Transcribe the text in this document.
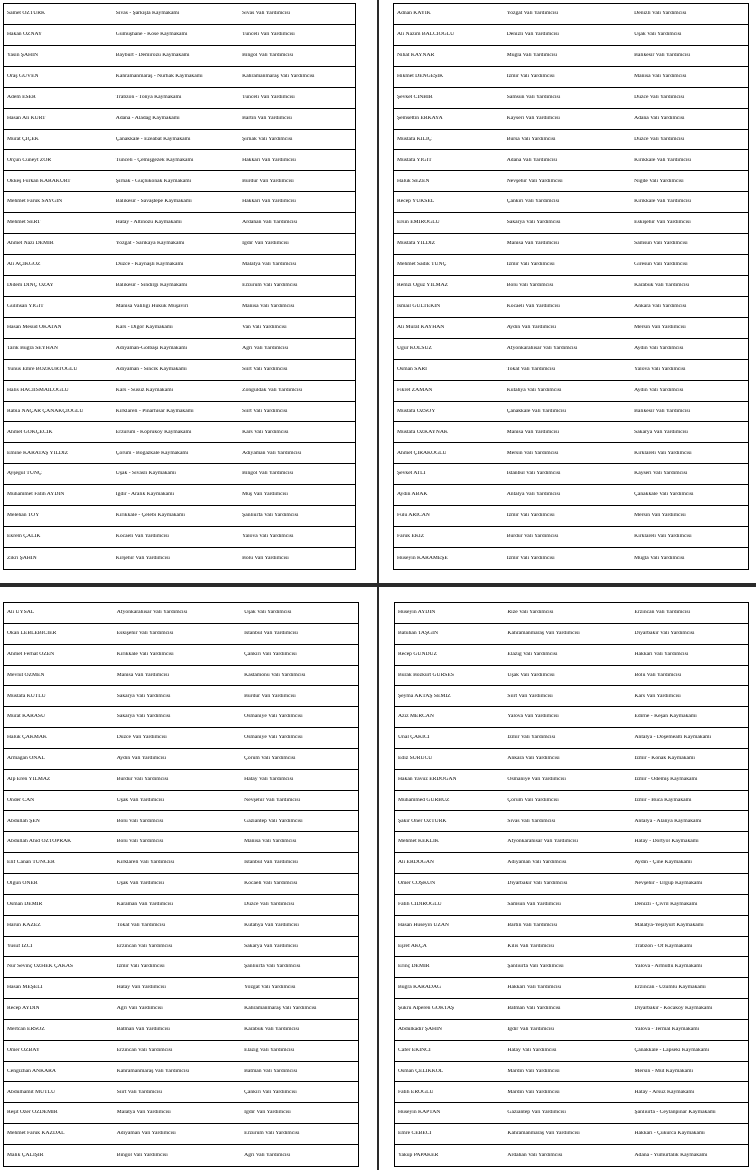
Samet ÖZTÜRK	Sivas - Şarkışla Kaymakamı	Sivas Vali Yardımcısı
Hakan ÖZNAY	Gümüşhane - Köse Kaymakamı	Tunceli Vali Yardımcısı
Yasin ŞAHİN	Bayburt - Demirözü Kaymakamı	Bingöl Vali Yardımcısı
Oraş GÜVEN	Kahramanmaraş - Nurhak Kaymakamı	Kahramanmaraş Vali Yardımcısı
Adem ESER	Trabzon - Tonya Kaymakamı	Tunceli Vali Yardımcısı
Hasan Ali KURT	Adana - Aladağ Kaymakamı	Bartın Vali Yardımcısı
Murat ÇİÇEK	Çanakkale - Ezeabat Kaymakamı	Şırnak Vali Yardımcısı
Orçun Cüneyt ZOR	Tunceli - Çemişgezek Kaymakamı	Hakkari Vali Yardımcısı
Ökkeş Furkan KARAKURT	Şırnak - Güçlükonak Kaymakamı	Burdur Vali Yardımcısı
Mehmet Faruk SAYGIN	Balıkesir - Savaştepe Kaymakamı	Hakkari Vali Yardımcısı
Mehmet SERT	Hatay - Altınözü Kaymakamı	Ardahan Vali Yardımcısı
Ahmet Nazi DEMİR	Yozgat - Sarıkaya Kaymakamı	Iğdır Vali Yardımcısı
Ali AÇIKGÖZ	Düzce - Kaynaşlı Kaymakamı	Malatya Vali Yardımcısı
Didem DİNÇ ÖZAY	Balıkesir - Sındırgı Kaymakamı	Erzurum Vali Yardımcısı
Gülihsan YİĞİT	Manisa Valiliği Hukuk Müşaviri	Manisa Vali Yardımcısı
Hasan Mesud OKATAN	Kars - Digor Kaymakamı	Van Vali Yardımcısı
Tarık Buğra SEYHAN	Adıyaman-Gölbaşı Kaymakamı	Ağrı Vali Yardımcısı
Yunus Emre BOZKURTOĞLU	Adıyaman - Sincik Kaymakamı	Siirt Vali Yardımcısı
Halis HACIİSMAİLOĞLU	Kars - Susuz Kaymakamı	Zonguldak Vali Yardımcısı
Rabia NAÇAR ÇANAKÇIOĞLU	Kırklareli - Pınarhisar Kaymakamı	Siirt Vali Yardımcısı
Ahmet GÖKÇECİK	Erzurum - Köprüköy Kaymakamı	Kars Vali Yardımcısı
Emine KARATAŞ YILDIZ	Çorum - Boğazkale Kaymakamı	Adıyaman Vali Yardımcısı
Ayşegül TUNÇ	Uşak - Sivaslı Kaymakamı	Bingöl Vali Yardımcısı
Muhammet Fatih AYDIN	Iğdır - Aralık Kaymakamı	Muş Vali Yardımcısı
Melehan TOY	Kırıkkale - Çelebi Kaymakamı	Şanlıurfa Vali Yardımcısı
Ekrem ÇALIK	Kocaeli Vali Yardımcısı	Yalova Vali Yardımcısı
Zikri ŞAHİN	Kırşehir Vali Yardımcısı	Bolu Vali Yardımcısı
Adnan KAYIK	Yozgat Vali Yardımcısı	Denizli Vali Yardımcısı
Ali Nazım BALCIOĞLU	Denizli Vali Yardımcısı	Uşak Vali Yardımcısı
Nihat KAYNAR	Muğla Vali Yardımcısı	Balıkesir Vali Yardımcısı
Hikmet DENGEŞİK	İzmir Vali Yardımcısı	Manisa Vali Yardımcısı
Şevket CİNBİR	Samsun Vali Yardımcısı	Düzce Vali Yardımcısı
Şemsettin ERKAYA	Kayseri Vali Yardımcısı	Adana Vali Yardımcısı
Mustafa KILIÇ	Bursa Vali Yardımcısı	Düzce Vali Yardımcısı
Mustafa YİĞİT	Adana Vali Yardımcısı	Kırıkkale Vali Yardımcısı
Haluk SEZEN	Nevşehir Vali Yardımcısı	Niğde Vali Yardımcısı
Recep YÜKSEL	Çankırı Vali Yardımcısı	Kırıkkale Vali Yardımcısı
Ersin EMİROĞLU	Sakarya Vali Yardımcısı	Eskişehir Vali Yardımcısı
Mustafa YILDIZ	Manisa Vali Yardımcısı	Samsun Vali Yardımcısı
Mehmet Sadık TUNÇ	İzmir Vali Yardımcısı	Giresun Vali Yardımcısı
Remzi Oğuz YILMAZ	Bolu Vali Yardımcısı	Karabük Vali Yardımcısı
İsmail GÜLTEKİN	Kocaeli Vali Yardımcısı	Ankara Vali Yardımcısı
Ali Murat KAYHAN	Aydın Vali Yardımcısı	Mersin Vali Yardımcısı
Uğur KOLSUZ	Afyonkarahisar Vali Yardımcısı	Aydın Vali Yardımcısı
Osman SARI	Tokat Vali Yardımcısı	Yalova Vali Yardımcısı
Fikret ZAMAN	Kütahya Vali Yardımcısı	Aydın Vali Yardımcısı
Mustafa ÖZSOY	Çanakkale Vali Yardımcısı	Balıkesir Vali Yardımcısı
Mustafa ÖZKAYNAK	Manisa Vali Yardımcısı	Sakarya Vali Yardımcısı
Ahmet ÇIRAKOĞLU	Mersin Vali Yardımcısı	Kırklareli Vali Yardımcısı
Şevket ATLI	İstanbul Vali Yardımcısı	Kayseri Vali Yardımcısı
Aydın ABAK	Antalya Vali Yardımcısı	Çanakkale Vali Yardımcısı
Fulü ARICAN	İzmir Vali Yardımcısı	Mersin Vali Yardımcısı
Faruk EKİZ	Burdur Vali Yardımcısı	Kırklareli Vali Yardımcısı
Hüseyin KARAMEŞE	İzmir Vali Yardımcısı	Muğla Vali Yardımcısı
Ali UYSAL	Afyonkarahisar Vali Yardımcısı	Uşak Vali Yardımcısı
Okan LEBLEBİCİER	Eskişehir Vali Yardımcısı	İstanbul Vali Yardımcısı
Ahmet Ferhat ÖZEN	Kırıkkale Vali Yardımcısı	Çankırı Vali Yardımcısı
Mevlüt ÖZMEN	Manisa Vali Yardımcısı	Kastamonu Vali Yardımcısı
Mustafa KUTLU	Sakarya Vali Yardımcısı	Burdur Vali Yardımcısı
Murat KARASU	Sakarya Vali Yardımcısı	Osmaniye Vali Yardımcısı
Haluk ÇAKMAK	Düzce Vali Yardımcısı	Osmaniye Vali Yardımcısı
Armağan ÖNAL	Aydın Vali Yardımcısı	Çorum Vali Yardımcısı
Alp Eren YILMAZ	Burdur Vali Yardımcısı	Hatay Vali Yardımcısı
Önder CAN	Uşak Vali Yardımcısı	Nevşehir Vali Yardımcısı
Abdullah ŞEN	Bolu Vali Yardımcısı	Gaziantep Vali Yardımcısı
Abdullah Ahid ÖZTOPRAK	Bolu Vali Yardımcısı	Manisa Vali Yardımcısı
Elif Canan TUNCER	Kırklareli Vali Yardımcısı	İstanbul Vali Yardımcısı
Olgun ÖNER	Uşak Vali Yardımcısı	Kocaeli Vali Yardımcısı
Osman DEMİR	Karaman Vali Yardımcısı	Düzce Vali Yardımcısı
Harun KAZEZ	Tokat Vali Yardımcısı	Kütahya Vali Yardımcısı
Yusuf İZCİ	Erzincan Vali Yardımcısı	Sakarya Vali Yardımcısı
Nur Sevinç ÖZHEK ÇAKAS	İzmir Vali Yardımcısı	Şanlıurfa Vali Yardımcısı
Hasan MEŞELİ	Hatay Vali Yardımcısı	Yozgat Vali Yardımcısı
Recep AYDIN	Ağrı Vali Yardımcısı	Kahramanmaraş Vali Yardımcısı
Mertcan ERSÖZ	Batman Vali Yardımcısı	Karabük Vali Yardımcısı
Ömer ÖZBAY	Erzincan Vali Yardımcısı	Elazığ Vali Yardımcısı
Cengizhan ANKARA	Kahramanmaraş Vali Yardımcısı	Batman Vali Yardımcısı
Abdulhamit MUTLU	Siirt Vali Yardımcısı	Çankırı Vali Yardımcısı
Reşit Özer ÖZDEMİR	Malatya Vali Yardımcısı	Iğdır Vali Yardımcısı
Mehmet Faruk KAZDAL	Adıyaman Vali Yardımcısı	Erzurum Vali Yardımcısı
Malik ÇALIŞIR	Bingöl Vali Yardımcısı	Ağrı Vali Yardımcısı
Hüseyin AYDIN	Rize Vali Yardımcısı	Erzincan Vali Yardımcısı
Batuhan TAŞGIN	Kahramanmaraş Vali Yardımcısı	Diyarbakır Vali Yardımcısı
Recep GÜNDÜZ	Elazığ Vali Yardımcısı	Hakkari Vali Yardımcısı
Burak Bozkurt GÜRSES	Uşak Vali Yardımcısı	Bolu Vali Yardımcısı
Şeyma AKTAŞ SEMİZ	Siirt Vali Yardımcısı	Kars Vali Yardımcısı
Aziz MERCAN	Yalova Vali Yardımcısı	Edirne - Keşan Kaymakamı
Ünal ÇAKICI	İzmir Vali Yardımcısı	Antalya - Döşemealtı Kaymakamı
Ediz SÜRÜCÜ	Ankara Vali Yardımcısı	İzmir - Konak Kaymakamı
Hakan Yavuz ERDOĞAN	Osmaniye Vali Yardımcısı	İzmir - Ödemiş Kaymakamı
Muhammed GÜRBÜZ	Çorum Vali Yardımcısı	İzmir - Buca Kaymakamı
Şakir Öner ÖZTÜRK	Sivas Vali Yardımcısı	Antalya - Alanya Kaymakamı
Mehmet KEKLİK	Afyonkarahisar Vali Yardımcısı	Hatay - Dörtyol Kaymakamı
Ali ERDOĞAN	Adıyaman Vali Yardımcısı	Aydın - Çine Kaymakamı
Ömer COŞKUN	Diyarbakır Vali Yardımcısı	Nevşehir - Ürgüp Kaymakamı
Fatih CIDIROĞLU	Samsun Vali Yardımcısı	Denizli - Çivril Kaymakamı
Hasan Hüseyin UZAN	Bartın Vali Yardımcısı	Malatya-Yeşilyurt Kaymakamı
Eşref AKÇA	Kilis Vali Yardımcısı	Trabzon - Of Kaymakamı
Erinç DEMİR	Şanlıurfa Vali Yardımcısı	Yalova - Armutlu Kaymakamı
Buğra KARADAĞ	Hakkari Vali Yardımcısı	Erzincan - Üzümlü Kaymakamı
Şükrü Alperen GÖKTAŞ	Batman Vali Yardımcısı	Diyarbakır - Kocaköy Kaymakamı
Abdulkadir ŞAHİN	Iğdır Vali Yardımcısı	Yalova - Termal Kaymakamı
Cafer EKİNCİ	Hatay Vali Yardımcısı	Çanakkale - Lapseki Kaymakamı
Osman ÇELİKKOL	Mardin Vali Yardımcısı	Mersin - Mut Kaymakamı
Fatih EROĞLU	Mardin Vali Yardımcısı	Hatay - Arsuz Kaymakamı
Hüseyin KAPTAN	Gaziantep Vali Yardımcısı	Şanlıurfa - Ceylanpınar Kaymakamı
Emre CEBECİ	Kahramanmaraş Vali Yardımcısı	Hakkari - Çukurca Kaymakamı
Yakup PAPAKER	Ardahan Vali Yardımcısı	Adana - Yumurtalık Kaymakamı
